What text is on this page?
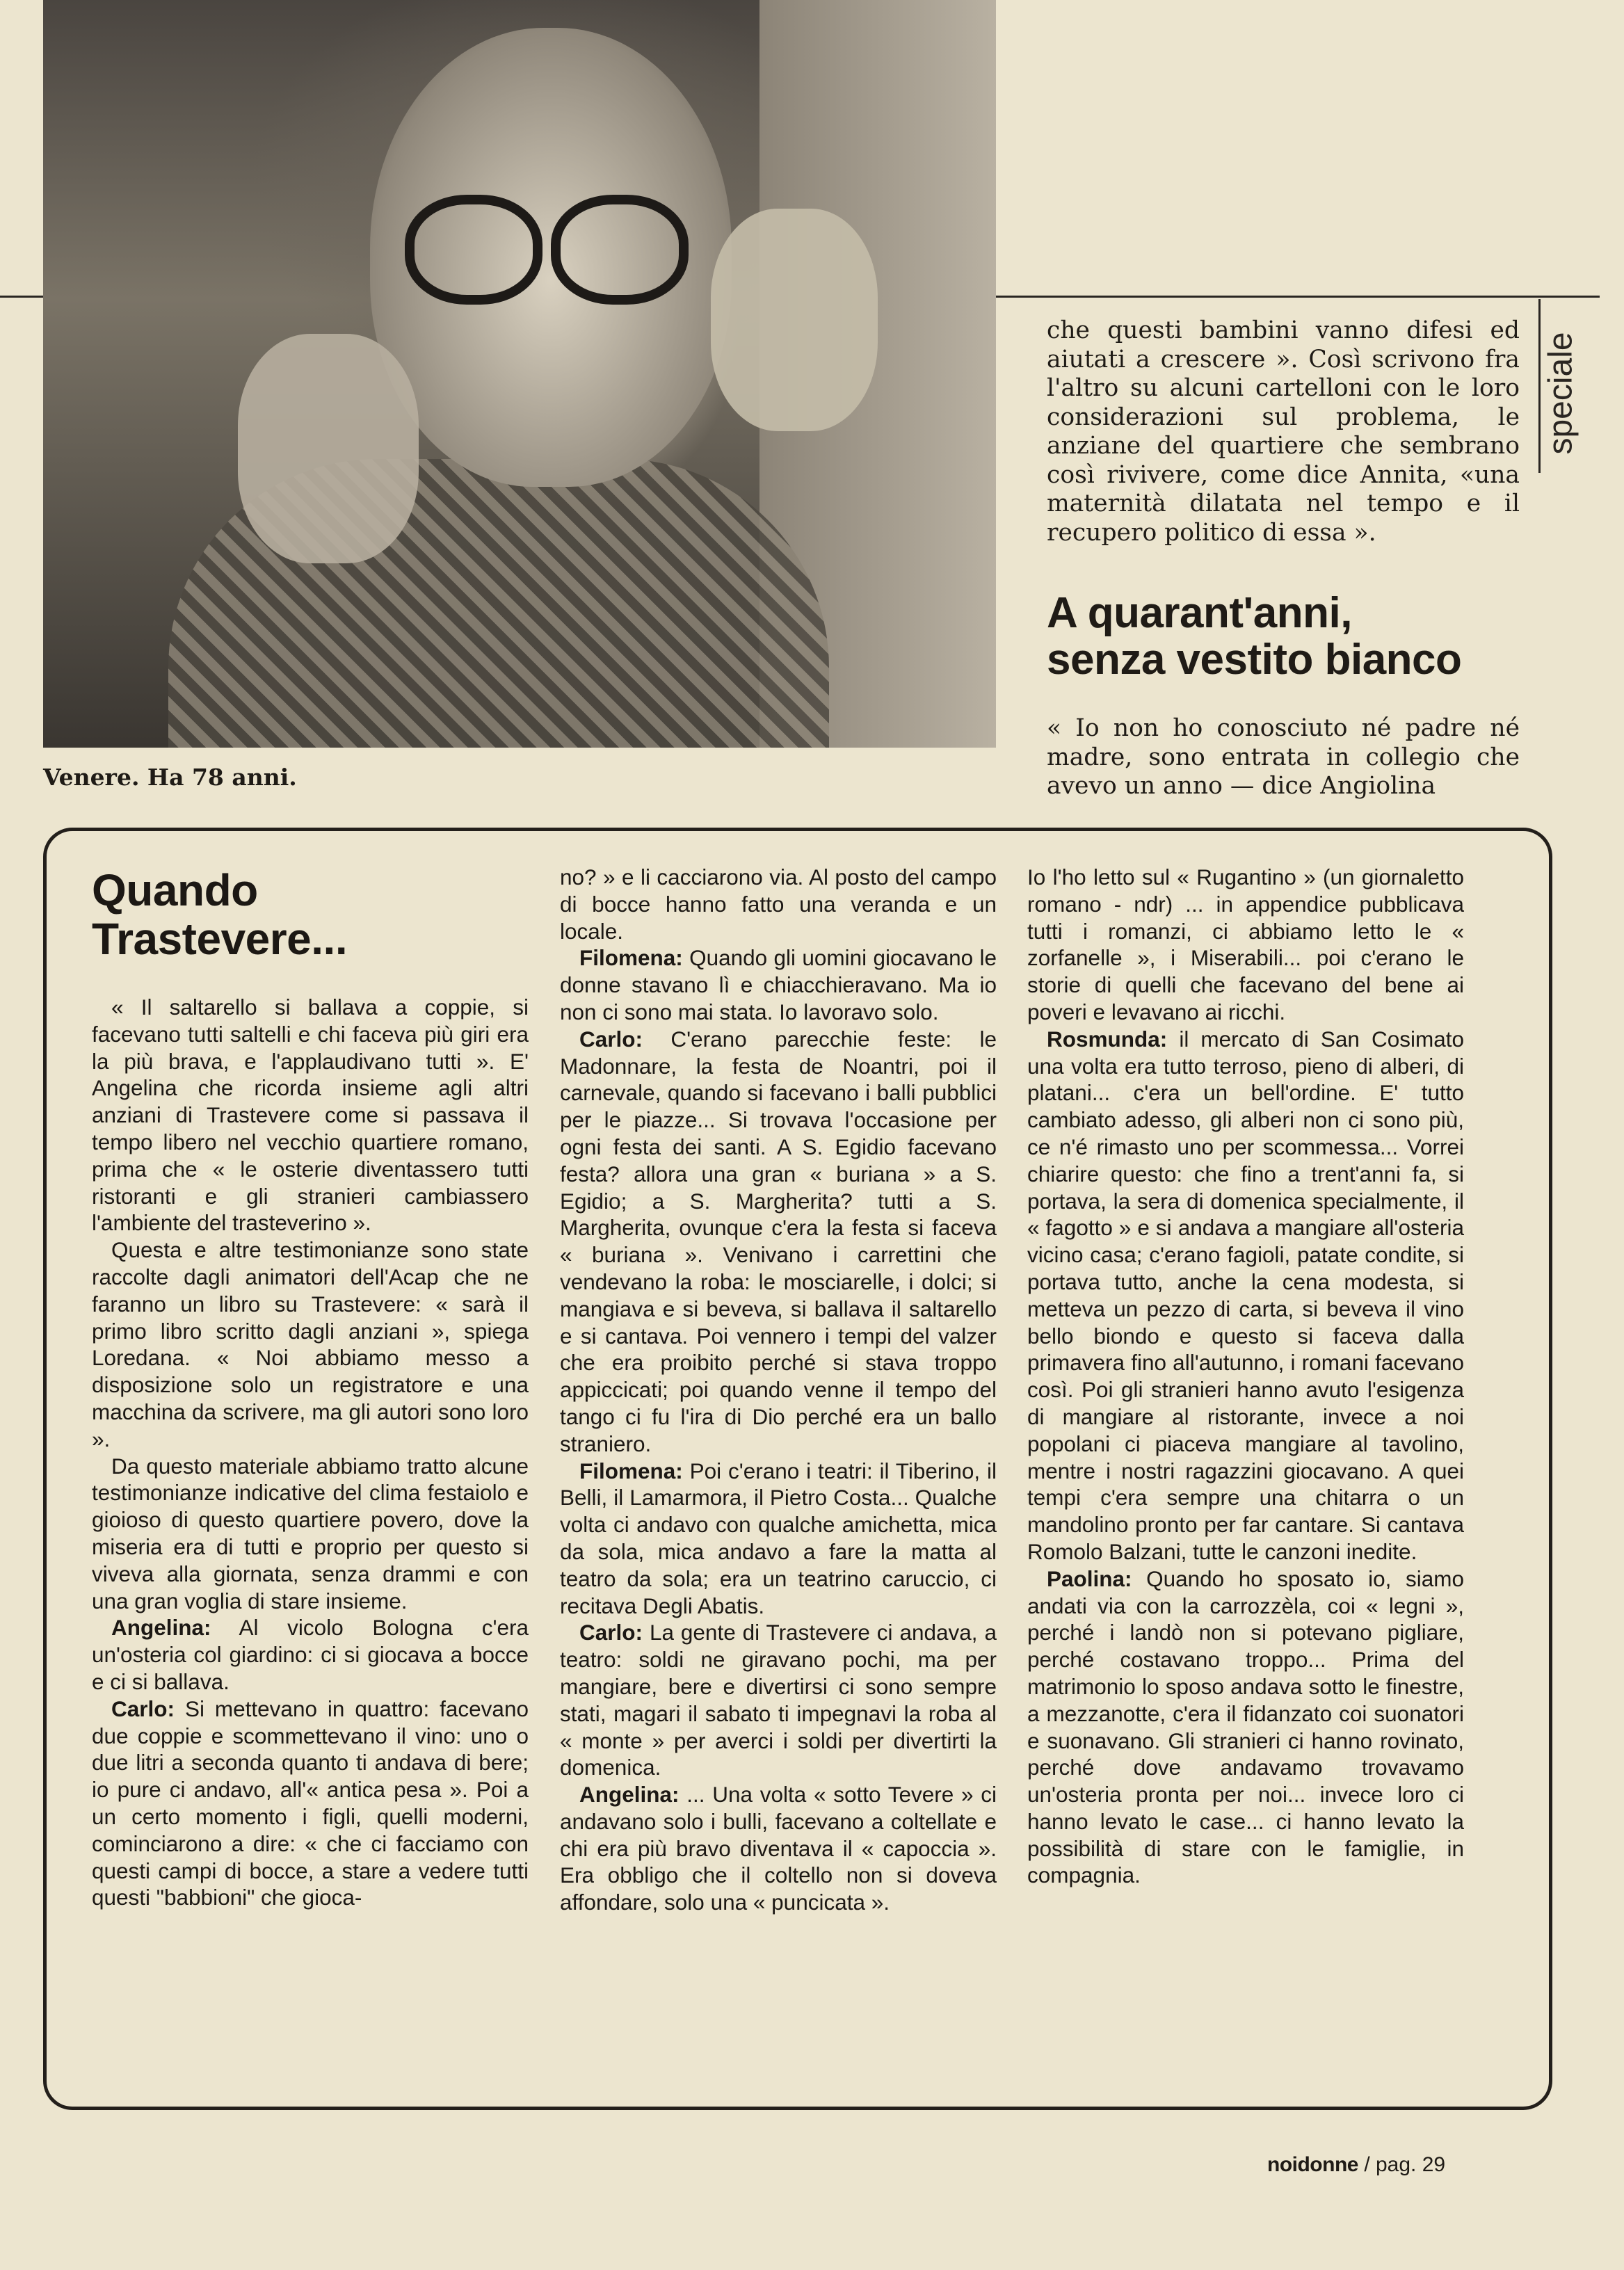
Venere. Ha 78 anni.
speciale

che questi bambini vanno difesi ed aiutati a crescere ». Così scrivono fra l'altro su alcuni cartelloni con le loro considerazioni sul problema, le anziane del quartiere che sembrano così rivivere, come dice Annita, «una maternità dilatata nel tempo e il recupero politico di essa ».

A quarant'anni,
senza vestito bianco

« Io non ho conosciuto né padre né madre, sono entrata in collegio che avevo un anno — dice Angiolina

Quando
Trastevere...

« Il saltarello si ballava a coppie, si facevano tutti saltelli e chi faceva più giri era la più brava, e l'applaudivano tutti ». E' Angelina che ricorda insieme agli altri anziani di Trastevere come si passava il tempo libero nel vecchio quartiere romano, prima che « le osterie diventassero tutti ristoranti e gli stranieri cambiassero l'ambiente del trasteverino ».

Questa e altre testimonianze sono state raccolte dagli animatori dell'Acap che ne faranno un libro su Trastevere: « sarà il primo libro scritto dagli anziani », spiega Loredana. « Noi abbiamo messo a disposizione solo un registratore e una macchina da scrivere, ma gli autori sono loro ».

Da questo materiale abbiamo tratto alcune testimonianze indicative del clima festaiolo e gioioso di questo quartiere povero, dove la miseria era di tutti e proprio per questo si viveva alla giornata, senza drammi e con una gran voglia di stare insieme.

Angelina: Al vicolo Bologna c'era un'osteria col giardino: ci si giocava a bocce e ci si ballava.

Carlo: Si mettevano in quattro: facevano due coppie e scommettevano il vino: uno o due litri a seconda quanto ti andava di bere; io pure ci andavo, all'« antica pesa ». Poi a un certo momento i figli, quelli moderni, cominciarono a dire: « che ci facciamo con questi campi di bocce, a stare a vedere tutti questi "babbioni" che gioca-

no? » e li cacciarono via. Al posto del campo di bocce hanno fatto una veranda e un locale.

Filomena: Quando gli uomini giocavano le donne stavano lì e chiacchieravano. Ma io non ci sono mai stata. Io lavoravo solo.

Carlo: C'erano parecchie feste: le Madonnare, la festa de Noantri, poi il carnevale, quando si facevano i balli pubblici per le piazze... Si trovava l'occasione per ogni festa dei santi. A S. Egidio facevano festa? allora una gran « buriana » a S. Egidio; a S. Margherita? tutti a S. Margherita, ovunque c'era la festa si faceva « buriana ». Venivano i carrettini che vendevano la roba: le mosciarelle, i dolci; si mangiava e si beveva, si ballava il saltarello e si cantava. Poi vennero i tempi del valzer che era proibito perché si stava troppo appiccicati; poi quando venne il tempo del tango ci fu l'ira di Dio perché era un ballo straniero.

Filomena: Poi c'erano i teatri: il Tiberino, il Belli, il Lamarmora, il Pietro Costa... Qualche volta ci andavo con qualche amichetta, mica da sola, mica andavo a fare la matta al teatro da sola; era un teatrino caruccio, ci recitava Degli Abatis.

Carlo: La gente di Trastevere ci andava, a teatro: soldi ne giravano pochi, ma per mangiare, bere e divertirsi ci sono sempre stati, magari il sabato ti impegnavi la roba al « monte » per averci i soldi per divertirti la domenica.

Angelina: ... Una volta « sotto Tevere » ci andavano solo i bulli, facevano a coltellate e chi era più bravo diventava il « capoccia ». Era obbligo che il coltello non si doveva affondare, solo una « puncicata ».

Io l'ho letto sul « Rugantino » (un giornaletto romano - ndr) ... in appendice pubblicava tutti i romanzi, ci abbiamo letto le « zorfanelle », i Miserabili... poi c'erano le storie di quelli che facevano del bene ai poveri e levavano ai ricchi.

Rosmunda: il mercato di San Cosimato una volta era tutto terroso, pieno di alberi, di platani... c'era un bell'ordine. E' tutto cambiato adesso, gli alberi non ci sono più, ce n'é rimasto uno per scommessa... Vorrei chiarire questo: che fino a trent'anni fa, si portava, la sera di domenica specialmente, il « fagotto » e si andava a mangiare all'osteria vicino casa; c'erano fagioli, patate condite, si portava tutto, anche la cena modesta, si metteva un pezzo di carta, si beveva il vino bello biondo e questo si faceva dalla primavera fino all'autunno, i romani facevano così. Poi gli stranieri hanno avuto l'esigenza di mangiare al ristorante, invece a noi popolani ci piaceva mangiare al tavolino, mentre i nostri ragazzini giocavano. A quei tempi c'era sempre una chitarra o un mandolino pronto per far cantare. Si cantava Romolo Balzani, tutte le canzoni inedite.

Paolina: Quando ho sposato io, siamo andati via con la carrozzèla, coi « legni », perché i landò non si potevano pigliare, perché costavano troppo... Prima del matrimonio lo sposo andava sotto le finestre, a mezzanotte, c'era il fidanzato coi suonatori e suonavano. Gli stranieri ci hanno rovinato, perché dove andavamo trovavamo un'osteria pronta per noi... invece loro ci hanno levato le case... ci hanno levato la possibilità di stare con le famiglie, in compagnia.

noidonne / pag. 29
